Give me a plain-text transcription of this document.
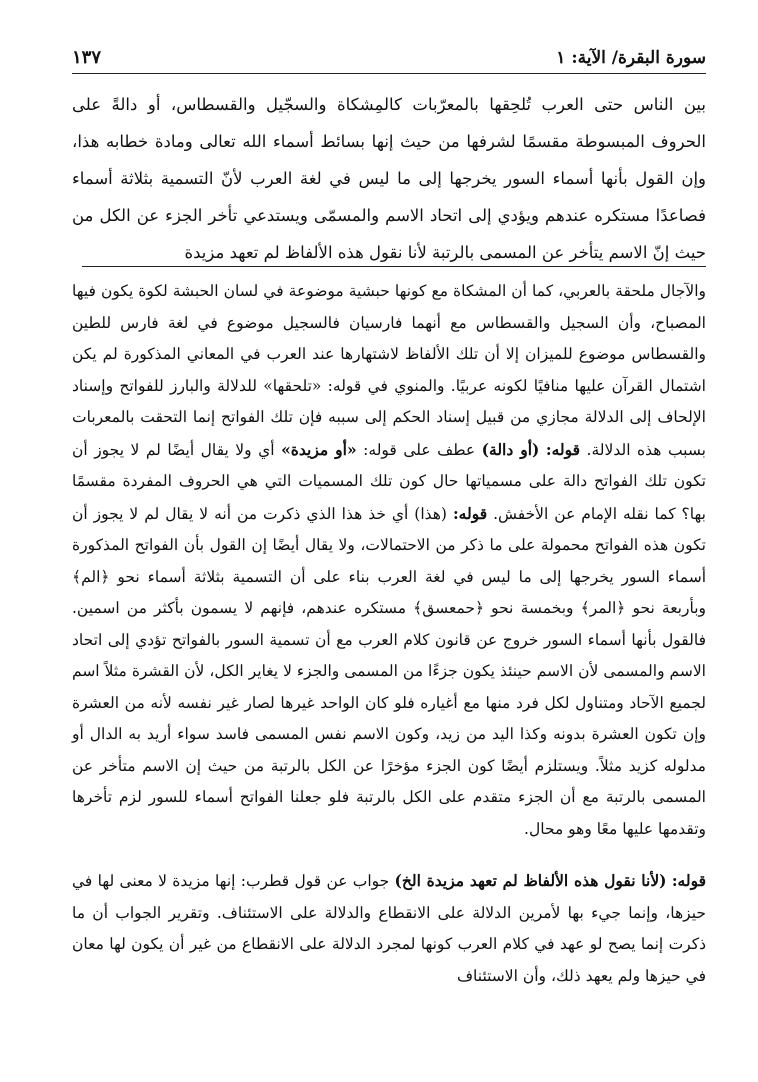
سورة البقرة/ الآية: ١
١٣٧

بين الناس حتى العرب تُلحِقها بالمعرّبات كالمِشكاة والسجّيل والقسطاس، أو دالةً على الحروف المبسوطة مقسمًا لشرفها من حيث إنها بسائط أسماء الله تعالى ومادة خطابه هذا، وإن القول بأنها أسماء السور يخرجها إلى ما ليس في لغة العرب لأنّ التسمية بثلاثة أسماء فصاعدًا مستكره عندهم ويؤدي إلى اتحاد الاسم والمسمّى ويستدعي تأخر الجزء عن الكل من حيث إنّ الاسم يتأخر عن المسمى بالرتبة لأنا نقول هذه الألفاظ لم تعهد مزيدة

والآجال ملحقة بالعربي، كما أن المشكاة مع كونها حبشية موضوعة في لسان الحبشة لكوة يكون فيها المصباح، وأن السجيل والقسطاس مع أنهما فارسيان فالسجيل موضوع في لغة فارس للطين والقسطاس موضوع للميزان إلا أن تلك الألفاظ لاشتهارها عند العرب في المعاني المذكورة لم يكن اشتمال القرآن عليها منافيًا لكونه عربيًا. والمنوي في قوله: «تلحقها» للدلالة والبارز للفواتح وإسناد الإلحاف إلى الدلالة مجازي من قبيل إسناد الحكم إلى سببه فإن تلك الفواتح إنما التحقت بالمعربات بسبب هذه الدلالة. قوله: (أو دالة) عطف على قوله: «أو مزيدة» أي ولا يقال أيضًا لم لا يجوز أن تكون تلك الفواتح دالة على مسمياتها حال كون تلك المسميات التي هي الحروف المفردة مقسمًا بها؟ كما نقله الإمام عن الأخفش. قوله: (هذا) أي خذ هذا الذي ذكرت من أنه لا يقال لم لا يجوز أن تكون هذه الفواتح محمولة على ما ذكر من الاحتمالات، ولا يقال أيضًا إن القول بأن الفواتح المذكورة أسماء السور يخرجها إلى ما ليس في لغة العرب بناء على أن التسمية بثلاثة أسماء نحو ﴿الم﴾ وبأربعة نحو ﴿المر﴾ وبخمسة نحو ﴿حمعسق﴾ مستكره عندهم، فإنهم لا يسمون بأكثر من اسمين. فالقول بأنها أسماء السور خروج عن قانون كلام العرب مع أن تسمية السور بالفواتح تؤدي إلى اتحاد الاسم والمسمى لأن الاسم حينئذ يكون جزءًا من المسمى والجزء لا يغاير الكل، لأن القشرة مثلاً اسم لجميع الآحاد ومتناول لكل فرد منها مع أغياره فلو كان الواحد غيرها لصار غير نفسه لأنه من العشرة وإن تكون العشرة بدونه وكذا اليد من زيد، وكون الاسم نفس المسمى فاسد سواء أريد به الدال أو مدلوله كزيد مثلاً. ويستلزم أيضًا كون الجزء مؤخرًا عن الكل بالرتبة من حيث إن الاسم متأخر عن المسمى بالرتبة مع أن الجزء متقدم على الكل بالرتبة فلو جعلنا الفواتح أسماء للسور لزم تأخرها وتقدمها عليها معًا وهو محال.

قوله: (لأنا نقول هذه الألفاظ لم تعهد مزيدة الخ) جواب عن قول قطرب: إنها مزيدة لا معنى لها في حيزها، وإنما جيء بها لأمرين الدلالة على الانقطاع والدلالة على الاستئناف. وتقرير الجواب أن ما ذكرت إنما يصح لو عهد في كلام العرب كونها لمجرد الدلالة على الانقطاع من غير أن يكون لها معان في حيزها ولم يعهد ذلك، وأن الاستئناف
